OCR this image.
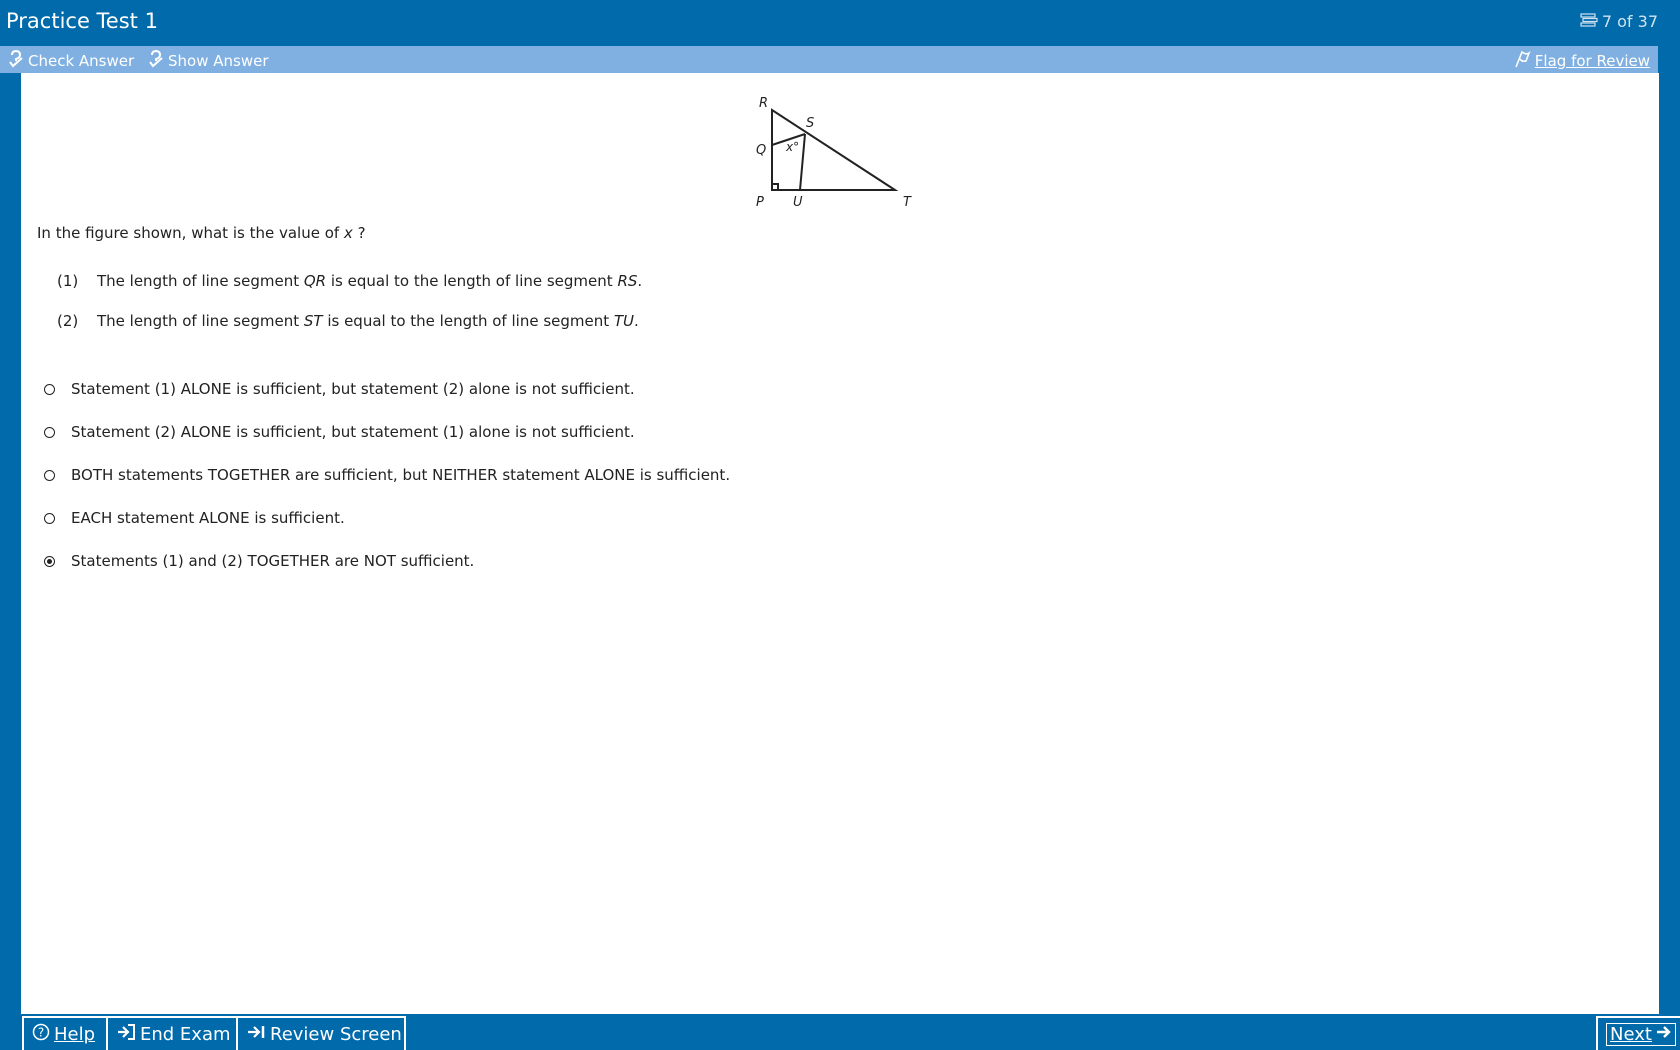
Practice Test 1	7 of 37
Check Answer Show Answer	Flag for Review
R
S
Q x°
P U	T
In the figure shown, what is the value of x ?
(1) The length of line segment QR is equal to the length of line segment RS.
(2) The length of line segment ST is equal to the length of line segment TU.
Statement (1) ALONE is sufficient, but statement (2) alone is not sufficient.
Statement (2) ALONE is sufficient, but statement (1) alone is not sufficient.
BOTH statements TOGETHER are sufficient, but NEITHER statement ALONE is sufficient.
EACH statement ALONE is sufficient.
Statements (1) and (2) TOGETHER are NOT sufficient.
? Help End Exam Review Screen	Next
